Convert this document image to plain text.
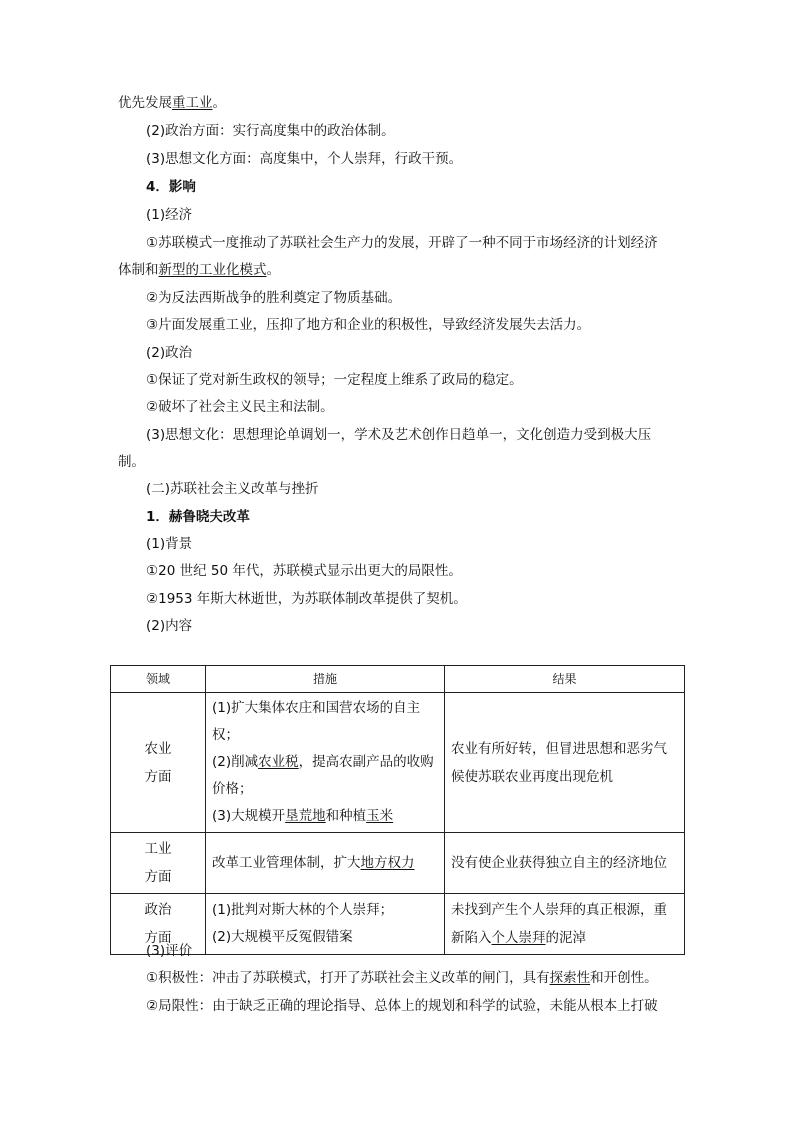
优先发展重工业。
(2)政治方面：实行高度集中的政治体制。
(3)思想文化方面：高度集中，个人崇拜，行政干预。
4．影响
(1)经济
①苏联模式一度推动了苏联社会生产力的发展，开辟了一种不同于市场经济的计划经济
体制和新型的工业化模式。
②为反法西斯战争的胜利奠定了物质基础。
③片面发展重工业，压抑了地方和企业的积极性，导致经济发展失去活力。
(2)政治
①保证了党对新生政权的领导；一定程度上维系了政局的稳定。
②破坏了社会主义民主和法制。
(3)思想文化：思想理论单调划一，学术及艺术创作日趋单一，文化创造力受到极大压
制。
(二)苏联社会主义改革与挫折
1．赫鲁晓夫改革
(1)背景
①20 世纪 50 年代，苏联模式显示出更大的局限性。
②1953 年斯大林逝世，为苏联体制改革提供了契机。
(2)内容
领域	措施	结果

农业
方面	(1)扩大集体农庄和国营农场的自主
权；
(2)削减农业税，提高农副产品的收购
价格；
(3)大规模开垦荒地和种植玉米	农业有所好转，但冒进思想和恶劣气
候使苏联农业再度出现危机

工业
方面	改革工业管理体制，扩大地方权力	没有使企业获得独立自主的经济地位

政治
方面	(1)批判对斯大林的个人崇拜；
(2)大规模平反冤假错案	未找到产生个人崇拜的真正根源，重
新陷入个人崇拜的泥淖
(3)评价
①积极性：冲击了苏联模式，打开了苏联社会主义改革的闸门，具有探索性和开创性。
②局限性：由于缺乏正确的理论指导、总体上的规划和科学的试验，未能从根本上打破
